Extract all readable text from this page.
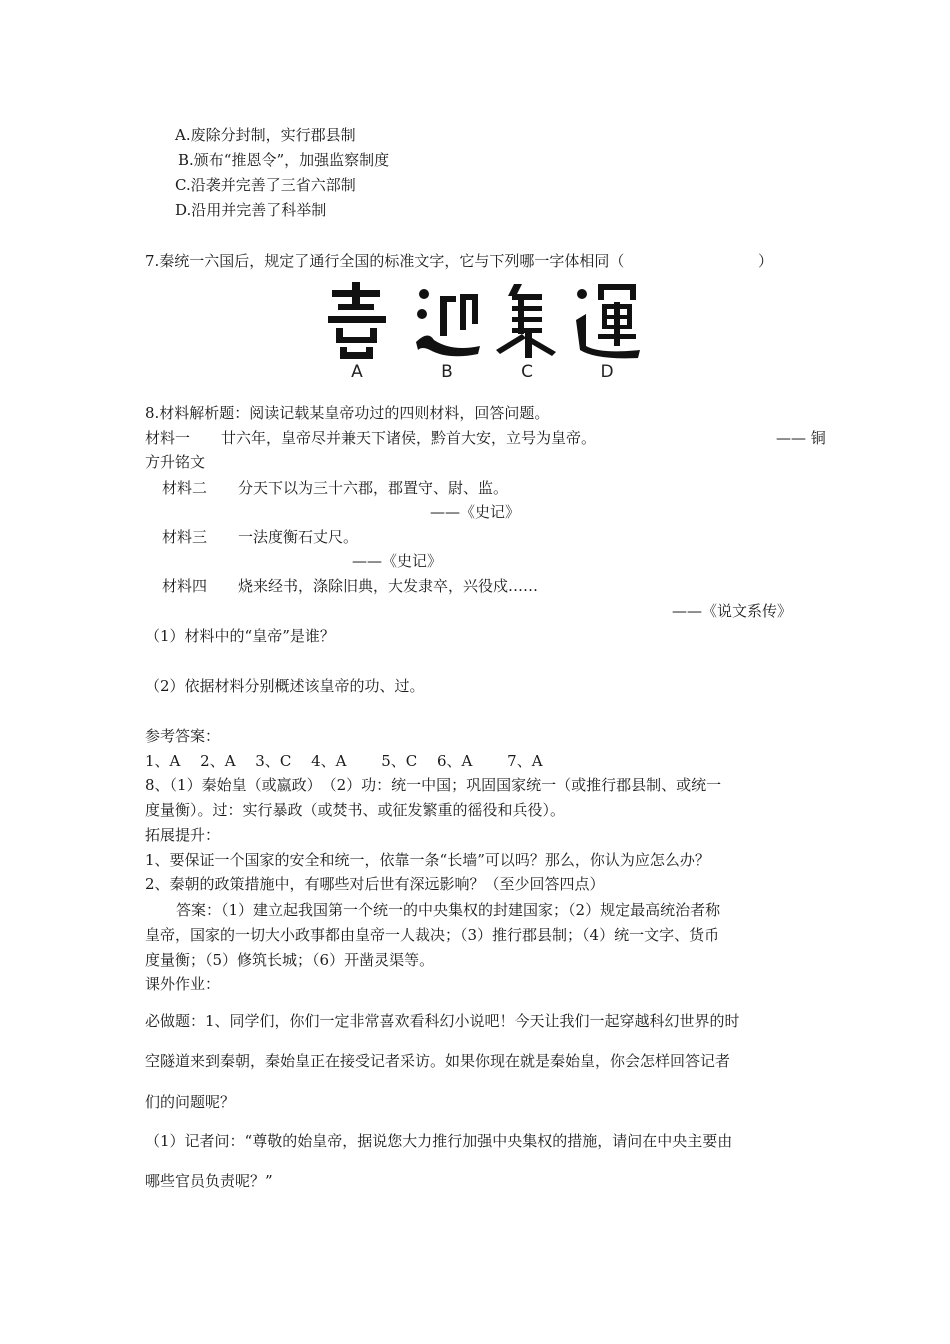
A.废除分封制，实行郡县制
B.颁布“推恩令”，加强监察制度
C.沿袭并完善了三省六部制
D.沿用并完善了科举制
7.秦统一六国后，规定了通行全国的标准文字，它与下列哪一字体相同（	）
A	B	C	D
8.材料解析题：阅读记载某皇帝功过的四则材料，回答问题。
材料一 廿六年，皇帝尽并兼天下诸侯，黔首大安，立号为皇帝。	—— 铜
方升铭文
材料二 分天下以为三十六郡，郡置守、尉、监。
——《史记》
材料三 一法度衡石丈尺。
——《史记》
材料四 烧来经书，涤除旧典，大发隶卒，兴役戍……
——《说文系传》
（1）材料中的“皇帝”是谁？
（2）依据材料分别概述该皇帝的功、过。
参考答案：
1、A　 2、A　 3、C　 4、A　　 5、C　 6、A　　 7、A
8、（1）秦始皇（或嬴政）　（2）功：统一中国；巩固国家统一（或推行郡县制、或统一
度量衡）。过：实行暴政（或焚书、或征发繁重的徭役和兵役）。
拓展提升：
1、要保证一个国家的安全和统一，依靠一条“长墙”可以吗？那么，你认为应怎么办？
2、秦朝的政策措施中，有哪些对后世有深远影响？（至少回答四点）
答案：（1）建立起我国第一个统一的中央集权的封建国家；（2）规定最高统治者称
皇帝，国家的一切大小政事都由皇帝一人裁决；（3）推行郡县制；（4）统一文字、货币
度量衡；（5）修筑长城；（6）开凿灵渠等。
课外作业：
必做题：1、同学们，你们一定非常喜欢看科幻小说吧！今天让我们一起穿越科幻世界的时
空隧道来到秦朝，秦始皇正在接受记者采访。如果你现在就是秦始皇，你会怎样回答记者
们的问题呢？
（1）记者问：“尊敬的始皇帝，据说您大力推行加强中央集权的措施，请问在中央主要由
哪些官员负责呢？”
